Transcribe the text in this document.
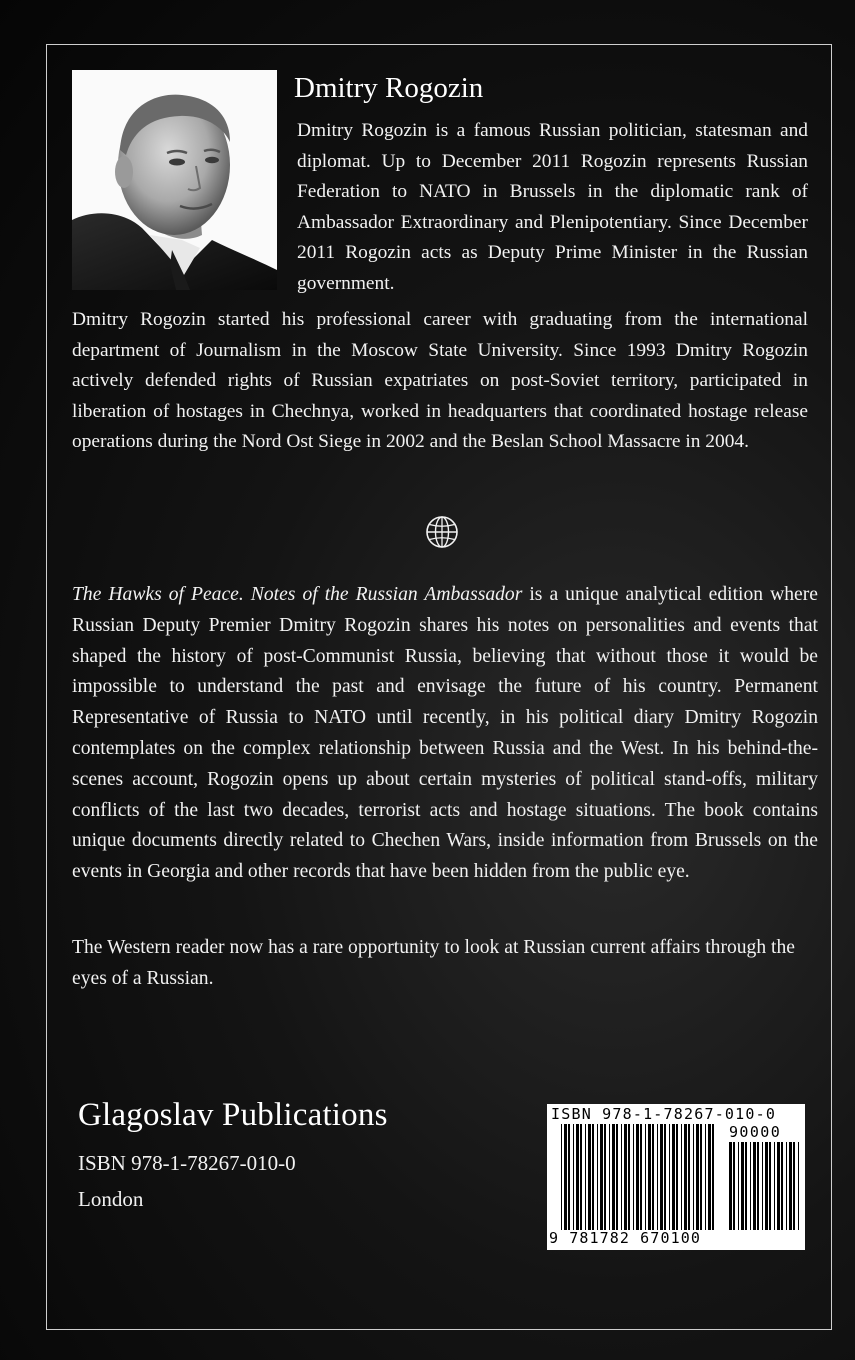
Dmitry Rogozin

Dmitry Rogozin is a famous Russian politician, statesman and diplomat. Up to December 2011 Rogozin represents Russian Federation to NATO in Brussels in the diplomatic rank of Ambassador Extraordinary and Plenipotentiary. Since December 2011 Rogozin acts as Deputy Prime Minister in the Russian government.

Dmitry Rogozin started his professional career with graduating from the international department of Journalism in the Moscow State University. Since 1993 Dmitry Rogozin actively defended rights of Russian expatriates on post-Soviet territory, participated in liberation of hostages in Chechnya, worked in headquarters that coordinated hostage release operations during the Nord Ost Siege in 2002 and the Beslan School Massacre in 2004.

The Hawks of Peace. Notes of the Russian Ambassador is a unique analytical edition where Russian Deputy Premier Dmitry Rogozin shares his notes on personalities and events that shaped the history of post-Communist Russia, believing that without those it would be impossible to understand the past and envisage the future of his country. Permanent Representative of Russia to NATO until recently, in his political diary Dmitry Rogozin contemplates on the complex relationship between Russia and the West. In his behind-the-scenes account, Rogozin opens up about certain mysteries of political stand-offs, military conflicts of the last two decades, terrorist acts and hostage situations. The book contains unique documents directly related to Chechen Wars, inside information from Brussels on the events in Georgia and other records that have been hidden from the public eye.

The Western reader now has a rare opportunity to look at Russian current affairs through the eyes of a Russian.

Glagoslav Publications
ISBN 978-1-78267-010-0
London
ISBN 978-1-78267-010-0
90000
9 781782 670100
